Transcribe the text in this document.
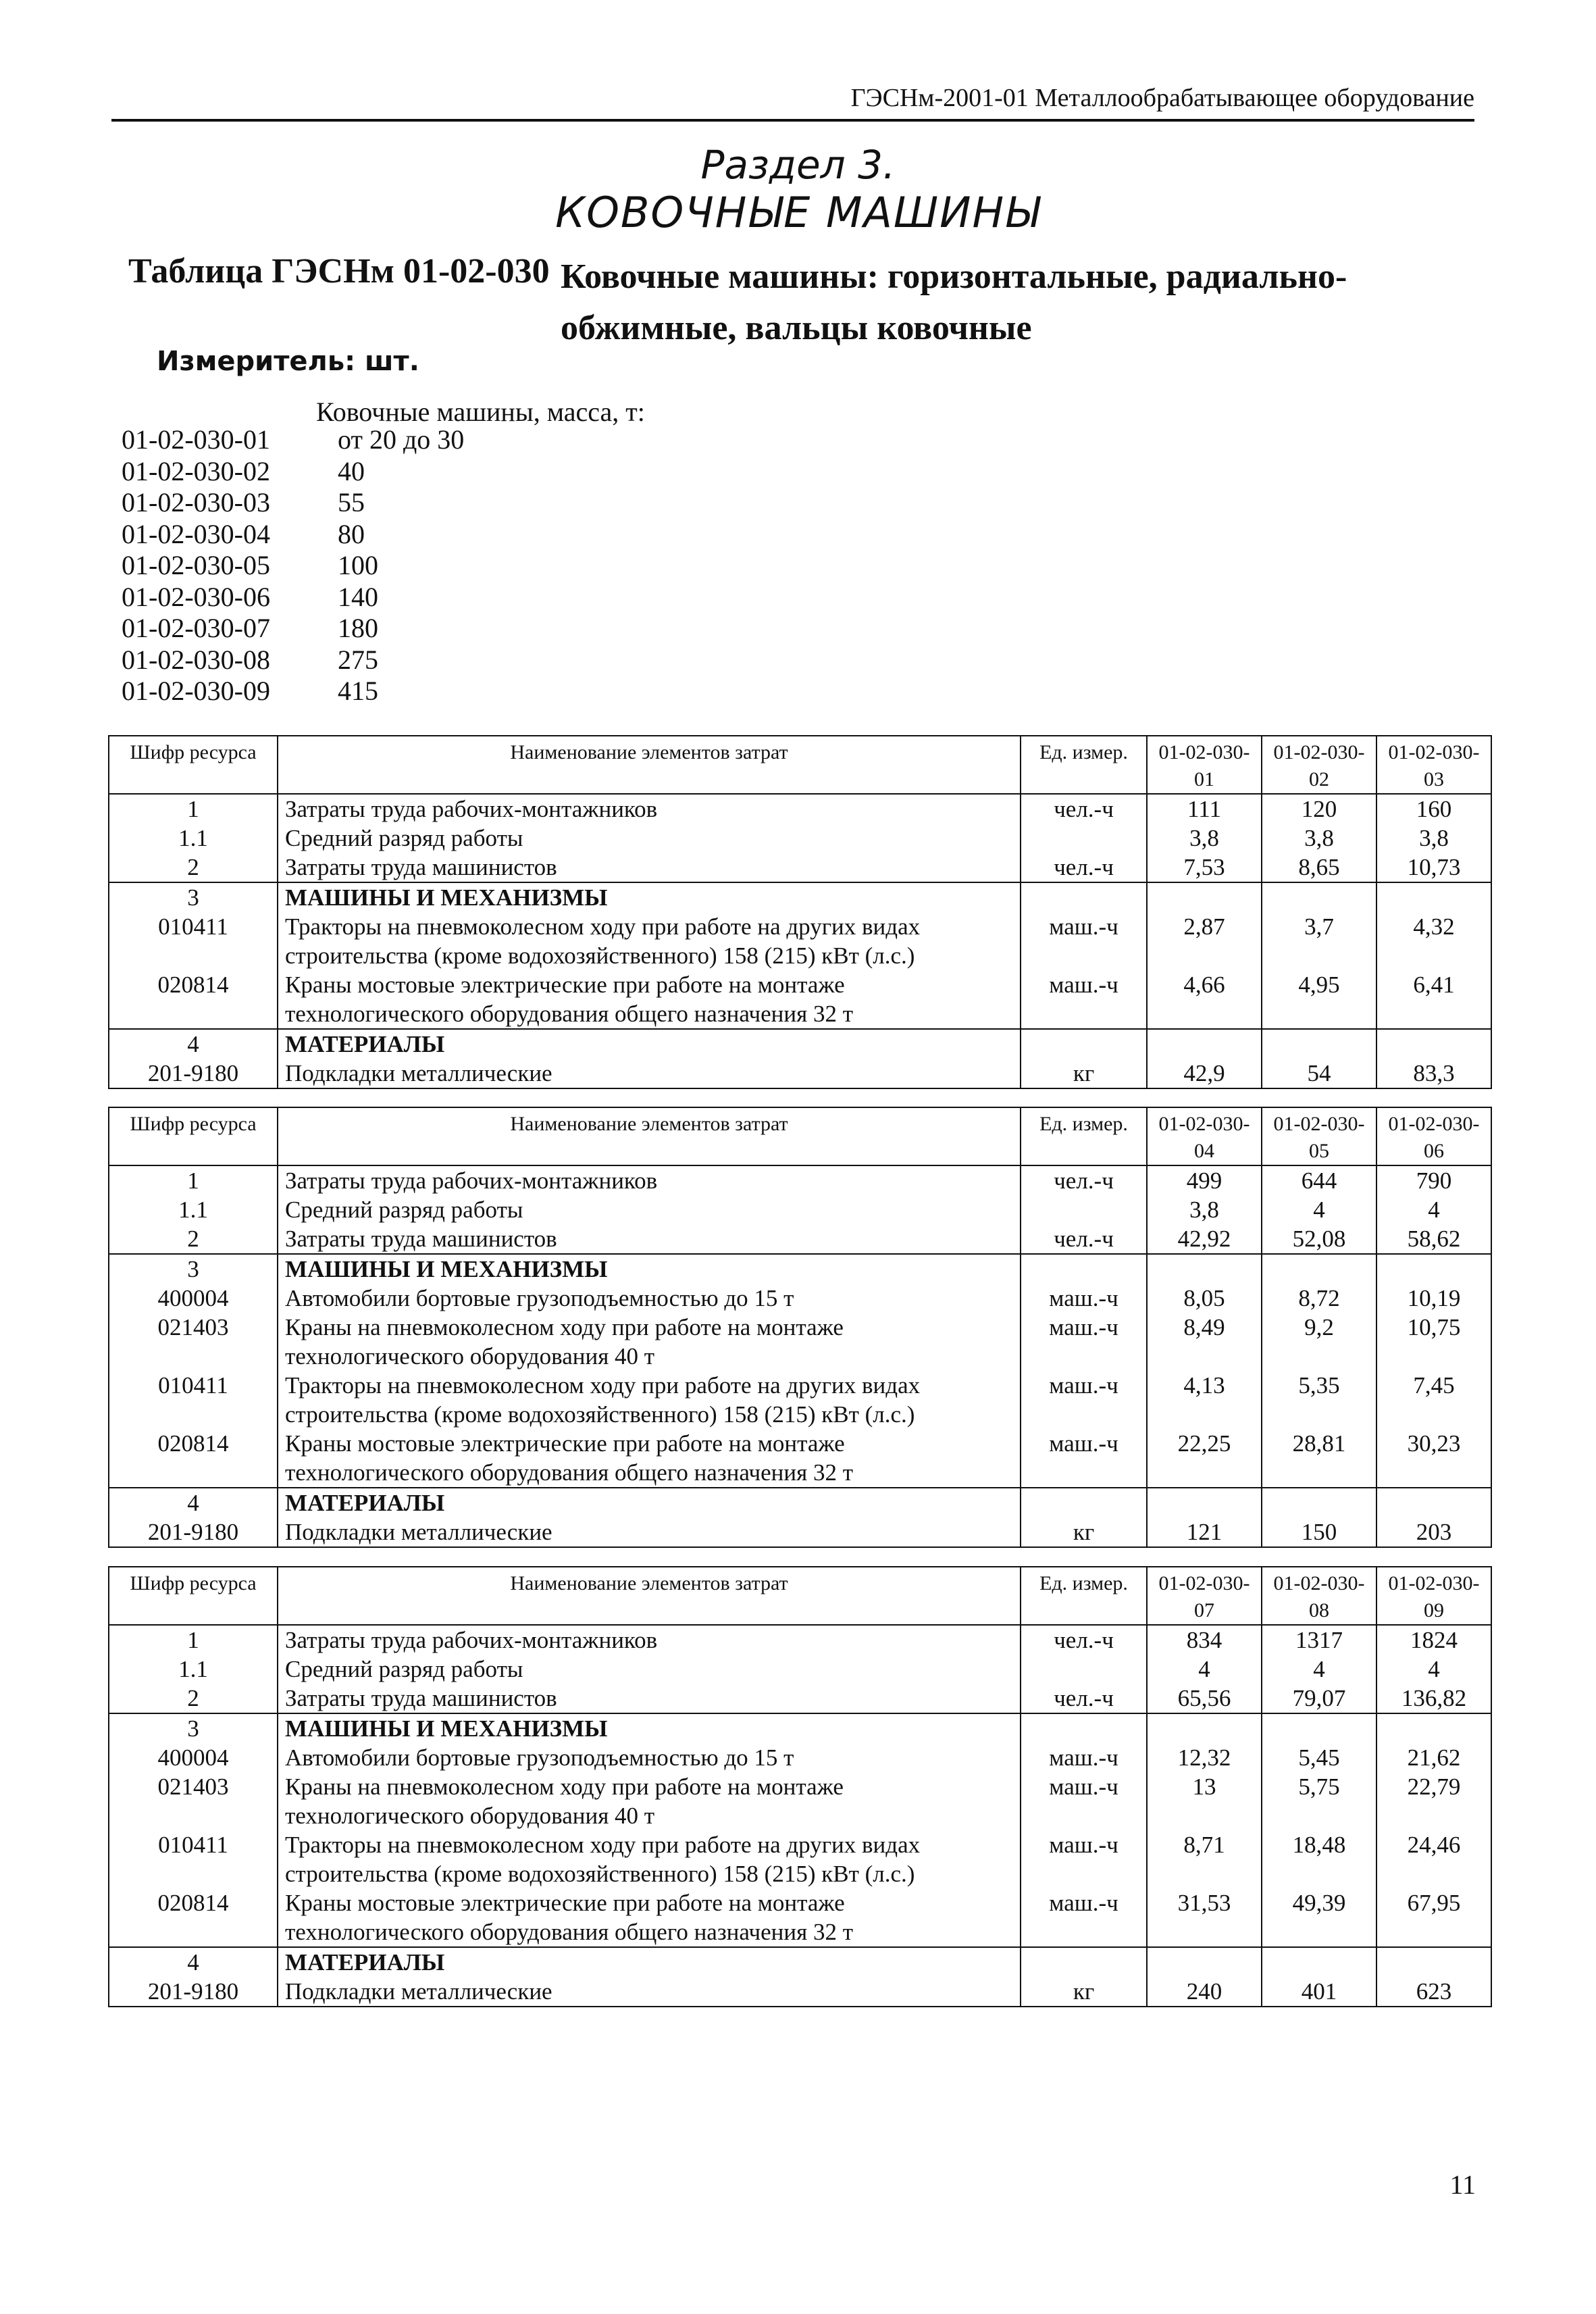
ГЭСНм-2001-01 Металлообрабатывающее оборудование
Раздел 3.
КОВОЧНЫЕ МАШИНЫ
Таблица ГЭСНм 01-02-030 Ковочные машины: горизонтальные, радиально-обжимные, вальцы ковочные
Измеритель: шт.
Ковочные машины, масса, т:
01-02-030-01	от 20 до 30
01-02-030-02	40
01-02-030-03	55
01-02-030-04	80
01-02-030-05	100
01-02-030-06	140
01-02-030-07	180
01-02-030-08	275
01-02-030-09	415
Шифр ресурса	Наименование элементов затрат	Ед. измер.	01-02-030-01	01-02-030-02	01-02-030-03
1	Затраты труда рабочих-монтажников	чел.-ч	111	120	160
1.1	Средний разряд работы		3,8	3,8	3,8
2	Затраты труда машинистов	чел.-ч	7,53	8,65	10,73
3	МАШИНЫ И МЕХАНИЗМЫ				
010411	Тракторы на пневмоколесном ходу при работе на других видах строительства (кроме водохозяйственного) 158 (215) кВт (л.с.)	маш.-ч	2,87	3,7	4,32
020814	Краны мостовые электрические при работе на монтаже технологического оборудования общего назначения 32 т	маш.-ч	4,66	4,95	6,41
4	МАТЕРИАЛЫ				
201-9180	Подкладки металлические	кг	42,9	54	83,3
Шифр ресурса	Наименование элементов затрат	Ед. измер.	01-02-030-04	01-02-030-05	01-02-030-06
1	Затраты труда рабочих-монтажников	чел.-ч	499	644	790
1.1	Средний разряд работы		3,8	4	4
2	Затраты труда машинистов	чел.-ч	42,92	52,08	58,62
3	МАШИНЫ И МЕХАНИЗМЫ				
400004	Автомобили бортовые грузоподъемностью до 15 т	маш.-ч	8,05	8,72	10,19
021403	Краны на пневмоколесном ходу при работе на монтаже технологического оборудования 40 т	маш.-ч	8,49	9,2	10,75
010411	Тракторы на пневмоколесном ходу при работе на других видах строительства (кроме водохозяйственного) 158 (215) кВт (л.с.)	маш.-ч	4,13	5,35	7,45
020814	Краны мостовые электрические при работе на монтаже технологического оборудования общего назначения 32 т	маш.-ч	22,25	28,81	30,23
4	МАТЕРИАЛЫ				
201-9180	Подкладки металлические	кг	121	150	203
Шифр ресурса	Наименование элементов затрат	Ед. измер.	01-02-030-07	01-02-030-08	01-02-030-09
1	Затраты труда рабочих-монтажников	чел.-ч	834	1317	1824
1.1	Средний разряд работы		4	4	4
2	Затраты труда машинистов	чел.-ч	65,56	79,07	136,82
3	МАШИНЫ И МЕХАНИЗМЫ				
400004	Автомобили бортовые грузоподъемностью до 15 т	маш.-ч	12,32	5,45	21,62
021403	Краны на пневмоколесном ходу при работе на монтаже технологического оборудования 40 т	маш.-ч	13	5,75	22,79
010411	Тракторы на пневмоколесном ходу при работе на других видах строительства (кроме водохозяйственного) 158 (215) кВт (л.с.)	маш.-ч	8,71	18,48	24,46
020814	Краны мостовые электрические при работе на монтаже технологического оборудования общего назначения 32 т	маш.-ч	31,53	49,39	67,95
4	МАТЕРИАЛЫ				
201-9180	Подкладки металлические	кг	240	401	623
11
